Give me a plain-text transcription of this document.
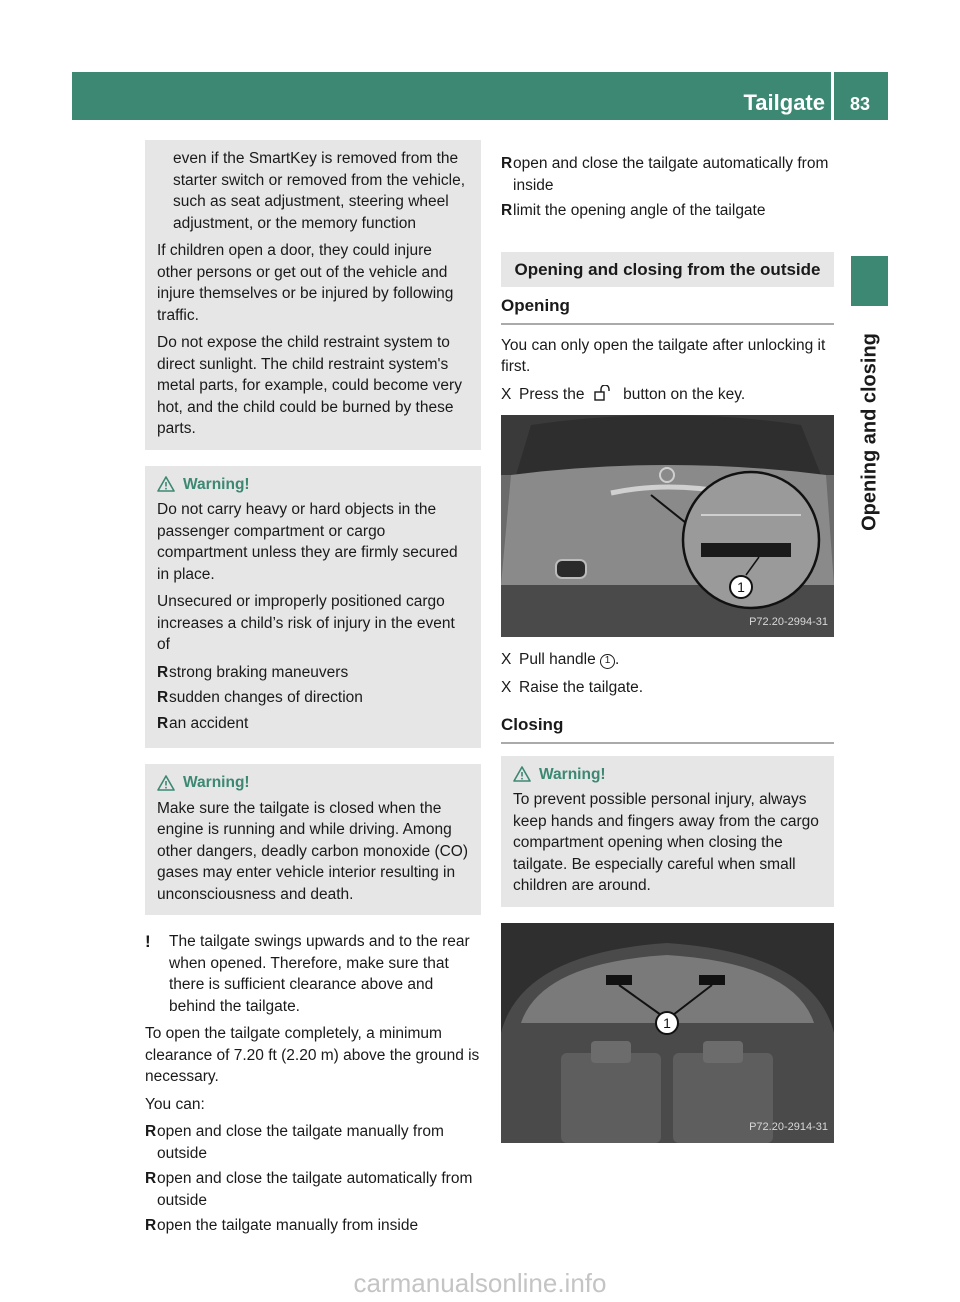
Tailgate	83
Opening and closing

even if the SmartKey is removed from the starter switch or removed from the vehicle, such as seat adjustment, steering wheel adjustment, or the memory function

If children open a door, they could injure other persons or get out of the vehicle and injure themselves or be injured by following traffic.

Do not expose the child restraint system to direct sunlight. The child restraint system's metal parts, for example, could become very hot, and the child could be burned by these parts.

Warning!

Do not carry heavy or hard objects in the passenger compartment or cargo compartment unless they are firmly secured in place.

Unsecured or improperly positioned cargo increases a child’s risk of injury in the event of

R strong braking maneuvers
R sudden changes of direction
R an accident
Warning!

Make sure the tailgate is closed when the engine is running and while driving. Among other dangers, deadly carbon monoxide (CO) gases may enter vehicle interior resulting in unconsciousness and death.

! The tailgate swings upwards and to the rear when opened. Therefore, make sure that there is sufficient clearance above and behind the tailgate.

To open the tailgate completely, a minimum clearance of 7.20 ft (2.20 m) above the ground is necessary.

You can:

R open and close the tailgate manually from outside
R open and close the tailgate automatically from outside
R open the tailgate manually from inside
R open and close the tailgate automatically from inside
R limit the opening angle of the tailgate
Opening and closing from the outside
Opening

You can only open the tailgate after unlocking it first.

X Press the button on the key.
1
P72.20-2994-31
X Pull handle 1 .
X Raise the tailgate.
Closing
Warning!

To prevent possible personal injury, always keep hands and fingers away from the cargo compartment opening when closing the tailgate. Be especially careful when small children are around.

1
P72.20-2914-31
carmanualsonline.info
